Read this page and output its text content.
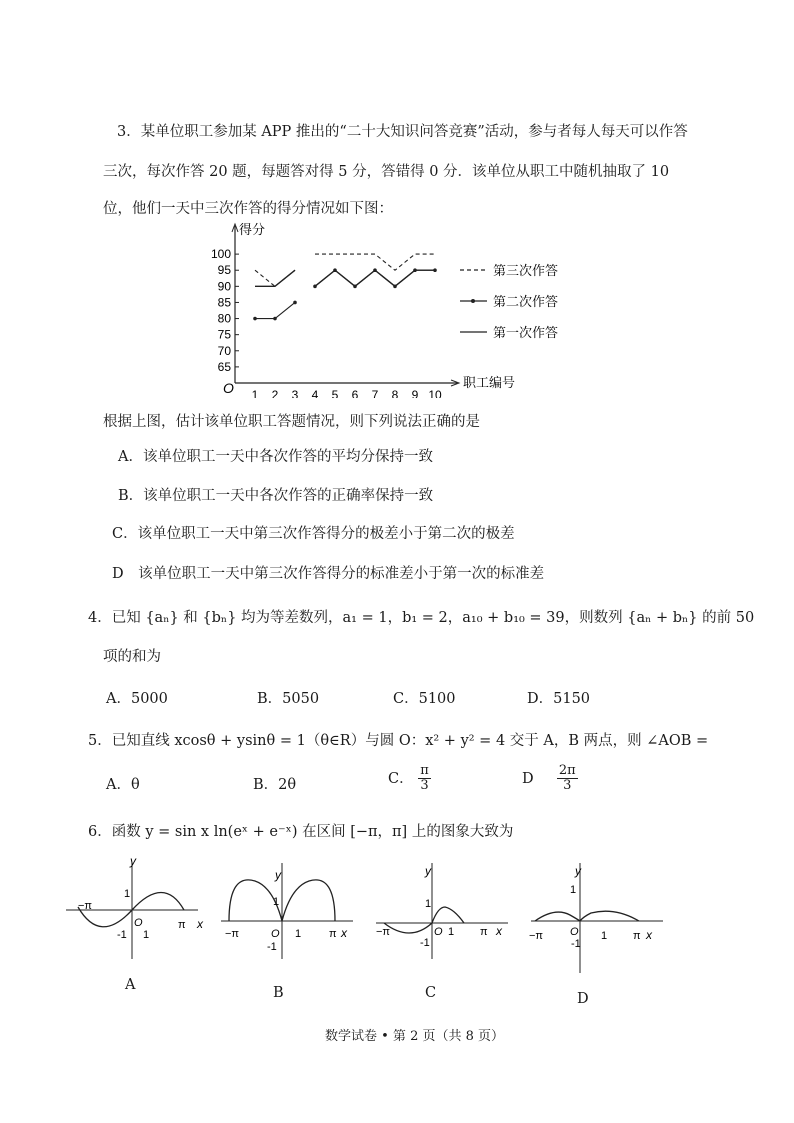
3．某单位职工参加某 APP 推出的“二十大知识问答竞赛”活动，参与者每人每天可以作答
三次，每次作答 20 题，每题答对得 5 分，答错得 0 分．该单位从职工中随机抽取了 10
位，他们一天中三次作答的得分情况如下图：
得分
职工编号
O
100
95
90
85
80
75
70
65
1 2 3 4 5 6 7 8 9 10
第三次作答
第二次作答
第一次作答
根据上图，估计该单位职工答题情况，则下列说法正确的是
A．该单位职工一天中各次作答的平均分保持一致
B．该单位职工一天中各次作答的正确率保持一致
C．该单位职工一天中第三次作答得分的极差小于第二次的极差
D　该单位职工一天中第三次作答得分的标准差小于第一次的标准差
4．已知 {aₙ} 和 {bₙ} 均为等差数列，a₁ = 1，b₁ = 2，a₁₀ + b₁₀ = 39，则数列 {aₙ + bₙ} 的前 50
项的和为
A．5000	B．5050	C．5100	D．5150
5．已知直线 xcosθ + ysinθ = 1（θ∈R）与圆 O：x² + y² = 4 交于 A，B 两点，则 ∠AOB =
A．θ	B．2θ	C． $\frac{\pi}{3}$	D $\frac{2\pi}{3}$
6．函数 y = sin x ln(eˣ + e⁻ˣ) 在区间 [−π，π] 上的图象大致为
y
x
−π
π
1
-1
O
1
A
y
x
−π	π
1
-1
O 1
B
y
x
−π	π
1
-1
O 1
C
y
x
−π	π
1
-1
O 1
D
数学试卷 • 第 2 页（共 8 页）
